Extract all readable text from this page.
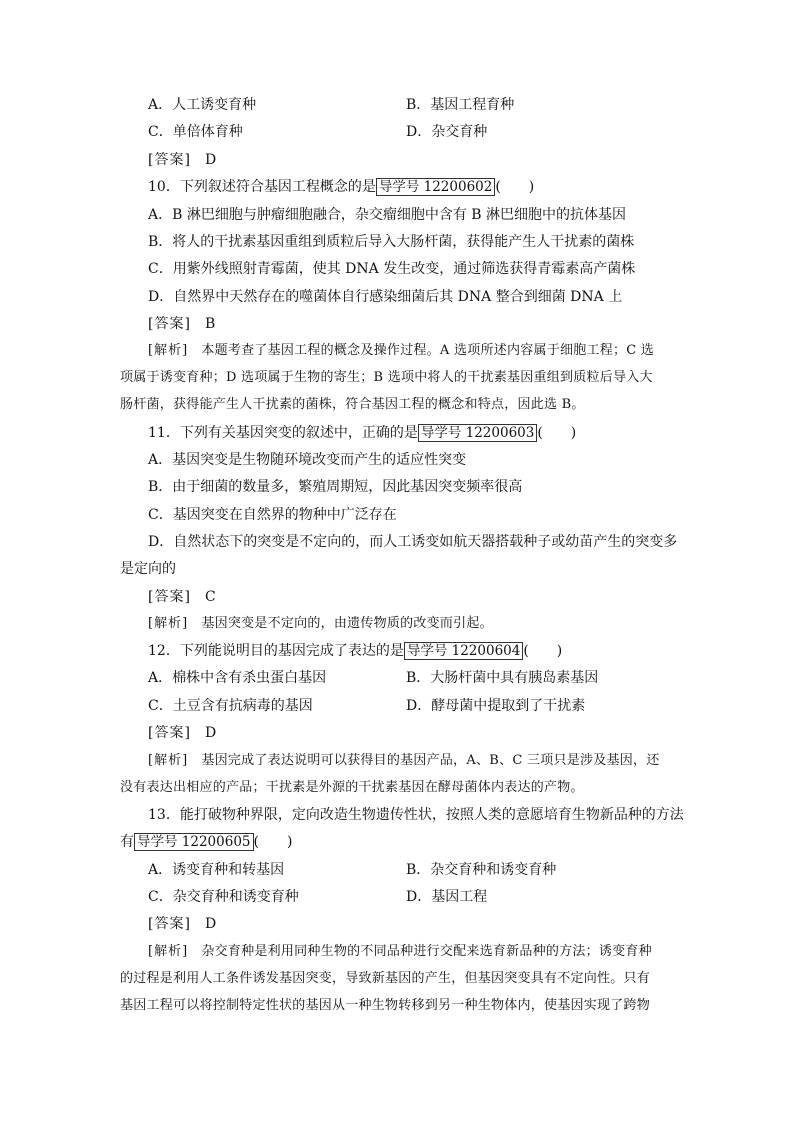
A．人工诱变育种	B．基因工程育种
C．单倍体育种	D．杂交育种
[答案]　 D
10．下列叙述符合基因工程概念的是 导学号 12200602 (　　)
A．B 淋巴细胞与肿瘤细胞融合，杂交瘤细胞中含有 B 淋巴细胞中的抗体基因
B．将人的干扰素基因重组到质粒后导入大肠杆菌，获得能产生人干扰素的菌株
C．用紫外线照射青霉菌，使其 DNA 发生改变，通过筛选获得青霉素高产菌株
D．自然界中天然存在的噬菌体自行感染细菌后其 DNA 整合到细菌 DNA 上
[答案]　 B
[解析]　 本题考查了基因工程的概念及操作过程。A 选项所述内容属于细胞工程；C 选
项属于诱变育种；D 选项属于生物的寄生；B 选项中将人的干扰素基因重组到质粒后导入大
肠杆菌，获得能产生人干扰素的菌株，符合基因工程的概念和特点，因此选 B。
11．下列有关基因突变的叙述中，正确的是 导学号 12200603 (　　)
A．基因突变是生物随环境改变而产生的适应性突变
B．由于细菌的数量多，繁殖周期短，因此基因突变频率很高
C．基因突变在自然界的物种中广泛存在
D．自然状态下的突变是不定向的，而人工诱变如航天器搭载种子或幼苗产生的突变多
是定向的
[答案]　 C
[解析]　 基因突变是不定向的，由遗传物质的改变而引起。
12．下列能说明目的基因完成了表达的是 导学号 12200604 (　　)
A．棉株中含有杀虫蛋白基因	B．大肠杆菌中具有胰岛素基因
C．土豆含有抗病毒的基因	D．酵母菌中提取到了干扰素
[答案]　 D
[解析]　 基因完成了表达说明可以获得目的基因产品，A、B、C 三项只是涉及基因，还
没有表达出相应的产品；干扰素是外源的干扰素基因在酵母菌体内表达的产物。
13．能打破物种界限，定向改造生物遗传性状，按照人类的意愿培育生物新品种的方法
有 导学号 12200605 (　　)
A．诱变育种和转基因	B．杂交育种和诱变育种
C．杂交育种和诱变育种	D．基因工程
[答案]　 D
[解析]　 杂交育种是利用同种生物的不同品种进行交配来选育新品种的方法；诱变育种
的过程是利用人工条件诱发基因突变，导致新基因的产生，但基因突变具有不定向性。只有
基因工程可以将控制特定性状的基因从一种生物转移到另一种生物体内，使基因实现了跨物
